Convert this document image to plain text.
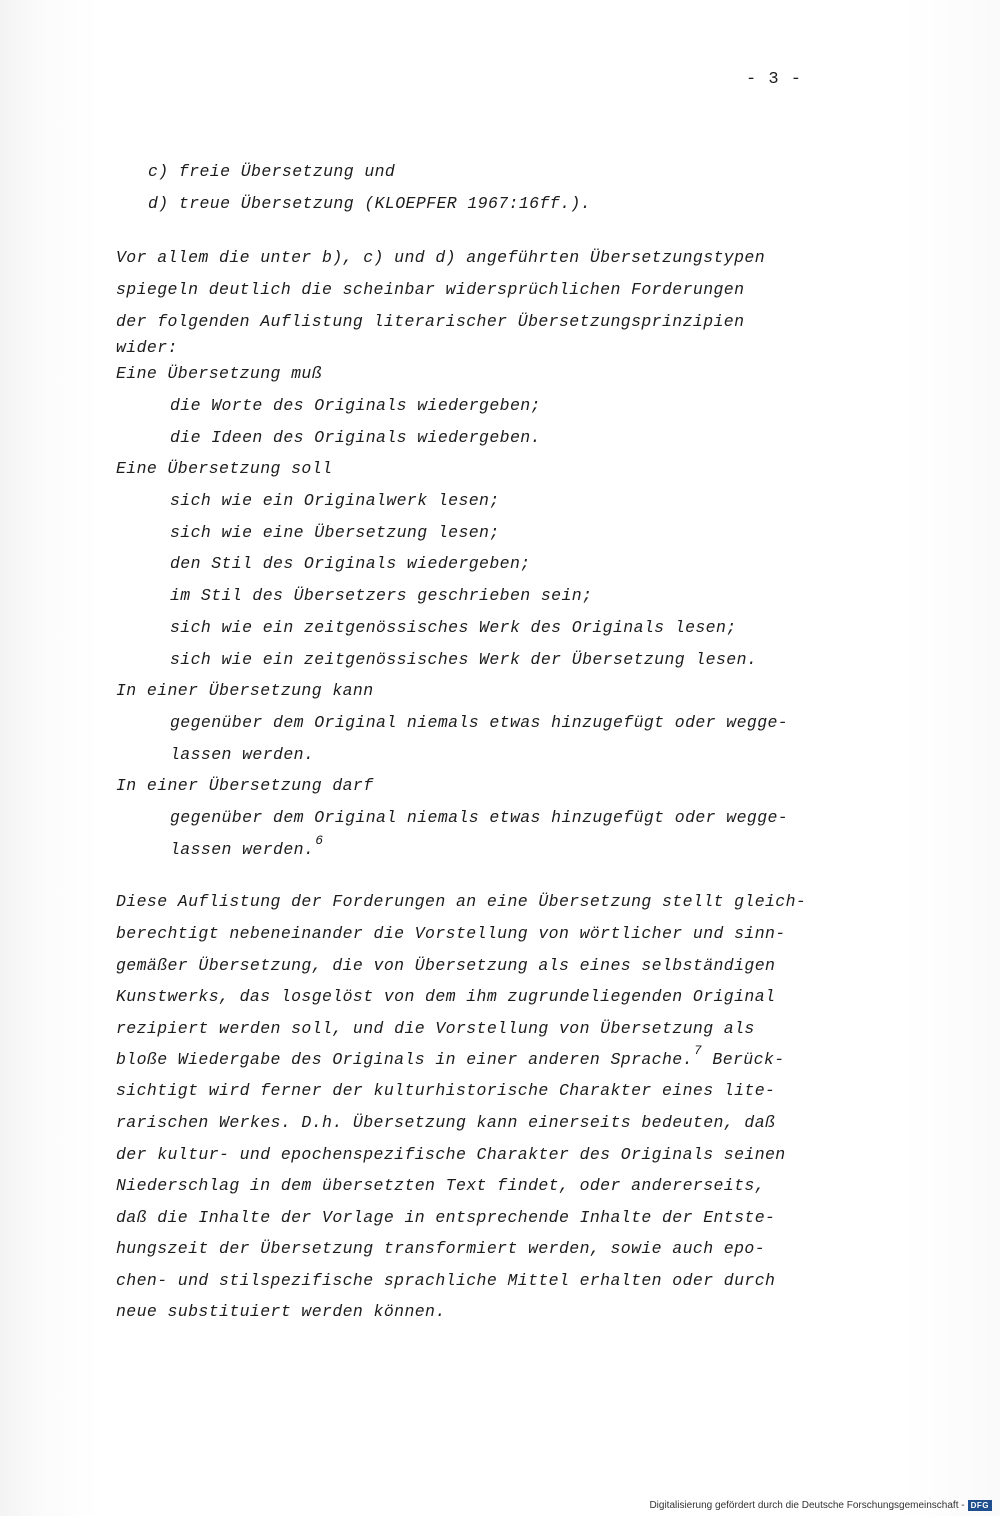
- 3 -
c) freie Übersetzung und
d) treue Übersetzung (KLOEPFER 1967:16ff.).
Vor allem die unter b), c) und d) angeführten Übersetzungstypen
spiegeln deutlich die scheinbar widersprüchlichen Forderungen
der folgenden Auflistung literarischer Übersetzungsprinzipien
wider:
Eine Übersetzung muß
die Worte des Originals wiedergeben;
die Ideen des Originals wiedergeben.
Eine Übersetzung soll
sich wie ein Originalwerk lesen;
sich wie eine Übersetzung lesen;
den Stil des Originals wiedergeben;
im Stil des Übersetzers geschrieben sein;
sich wie ein zeitgenössisches Werk des Originals lesen;
sich wie ein zeitgenössisches Werk der Übersetzung lesen.
In einer Übersetzung kann
gegenüber dem Original niemals etwas hinzugefügt oder wegge-
lassen werden.
In einer Übersetzung darf
gegenüber dem Original niemals etwas hinzugefügt oder wegge-
lassen werden.$^6$
Diese Auflistung der Forderungen an eine Übersetzung stellt gleich-
berechtigt nebeneinander die Vorstellung von wörtlicher und sinn-
gemäßer Übersetzung, die von Übersetzung als eines selbständigen
Kunstwerks, das losgelöst von dem ihm zugrundeliegenden Original
rezipiert werden soll, und die Vorstellung von Übersetzung als
bloße Wiedergabe des Originals in einer anderen Sprache.$^7$ Berück-
sichtigt wird ferner der kulturhistorische Charakter eines lite-
rarischen Werkes. D.h. Übersetzung kann einerseits bedeuten, daß
der kultur- und epochenspezifische Charakter des Originals seinen
Niederschlag in dem übersetzten Text findet, oder andererseits,
daß die Inhalte der Vorlage in entsprechende Inhalte der Entste-
hungszeit der Übersetzung transformiert werden, sowie auch epo-
chen- und stilspezifische sprachliche Mittel erhalten oder durch
neue substituiert werden können.
Digitalisierung gefördert durch die Deutsche Forschungsgemeinschaft - DFG
